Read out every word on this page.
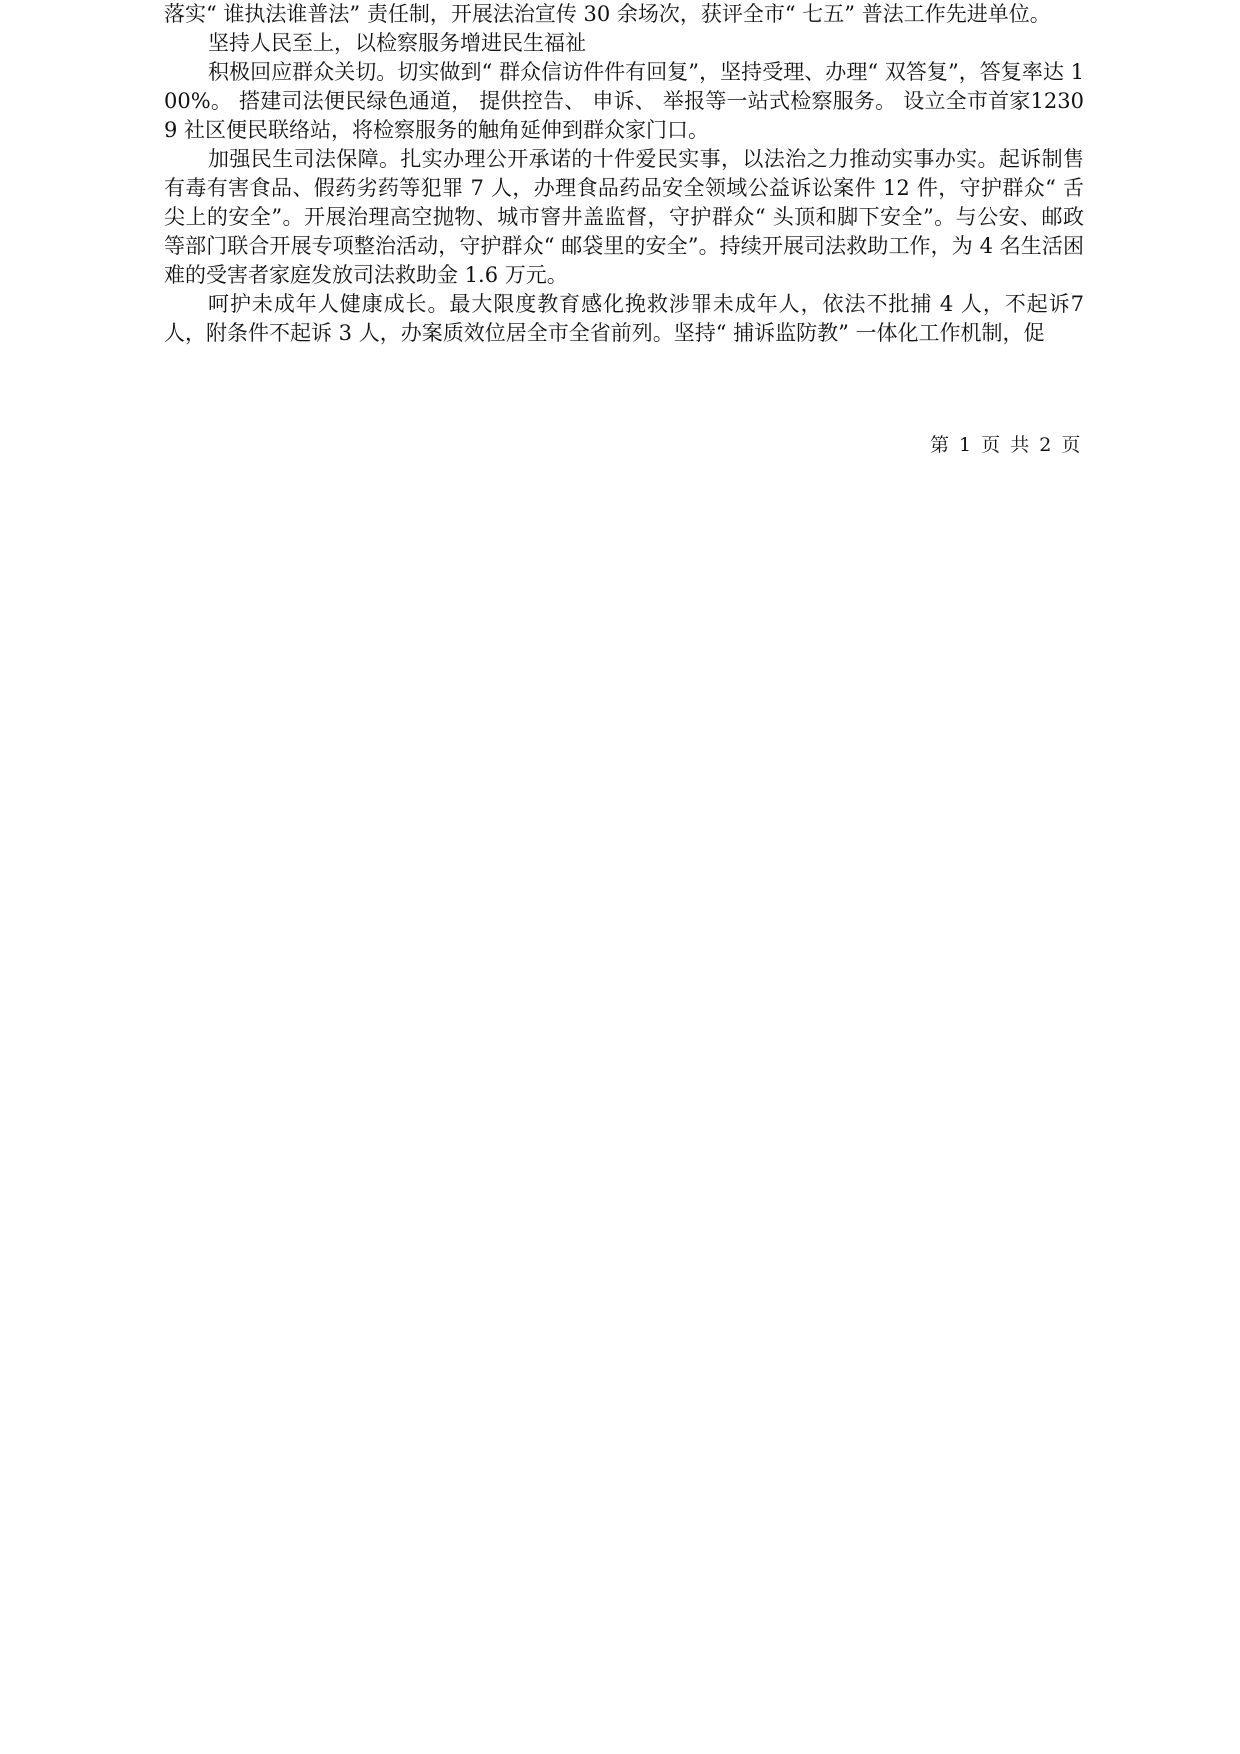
落实“ 谁执法谁普法” 责任制，开展法治宣传 30 余场次，获评全市“ 七五” 普法工作先进单位。

坚持人民至上，以检察服务增进民生福祉

积极回应群众关切。切实做到“ 群众信访件件有回复”，坚持受理、办理“ 双答复”，答复率达 100%。 搭建司法便民绿色通道， 提供控告、 申诉、 举报等一站式检察服务。 设立全市首家12309 社区便民联络站，将检察服务的触角延伸到群众家门口。

加强民生司法保障。扎实办理公开承诺的十件爱民实事，以法治之力推动实事办实。起诉制售有毒有害食品、假药劣药等犯罪 7 人，办理食品药品安全领域公益诉讼案件 12 件，守护群众“ 舌尖上的安全”。开展治理高空抛物、城市窨井盖监督，守护群众“ 头顶和脚下安全”。与公安、邮政等部门联合开展专项整治活动，守护群众“ 邮袋里的安全”。持续开展司法救助工作，为 4 名生活困难的受害者家庭发放司法救助金 1.6 万元。

呵护未成年人健康成长。最大限度教育感化挽救涉罪未成年人，依法不批捕 4 人，不起诉7 人，附条件不起诉 3 人，办案质效位居全市全省前列。坚持“ 捕诉监防教” 一体化工作机制，促

第 1 页 共 2 页
